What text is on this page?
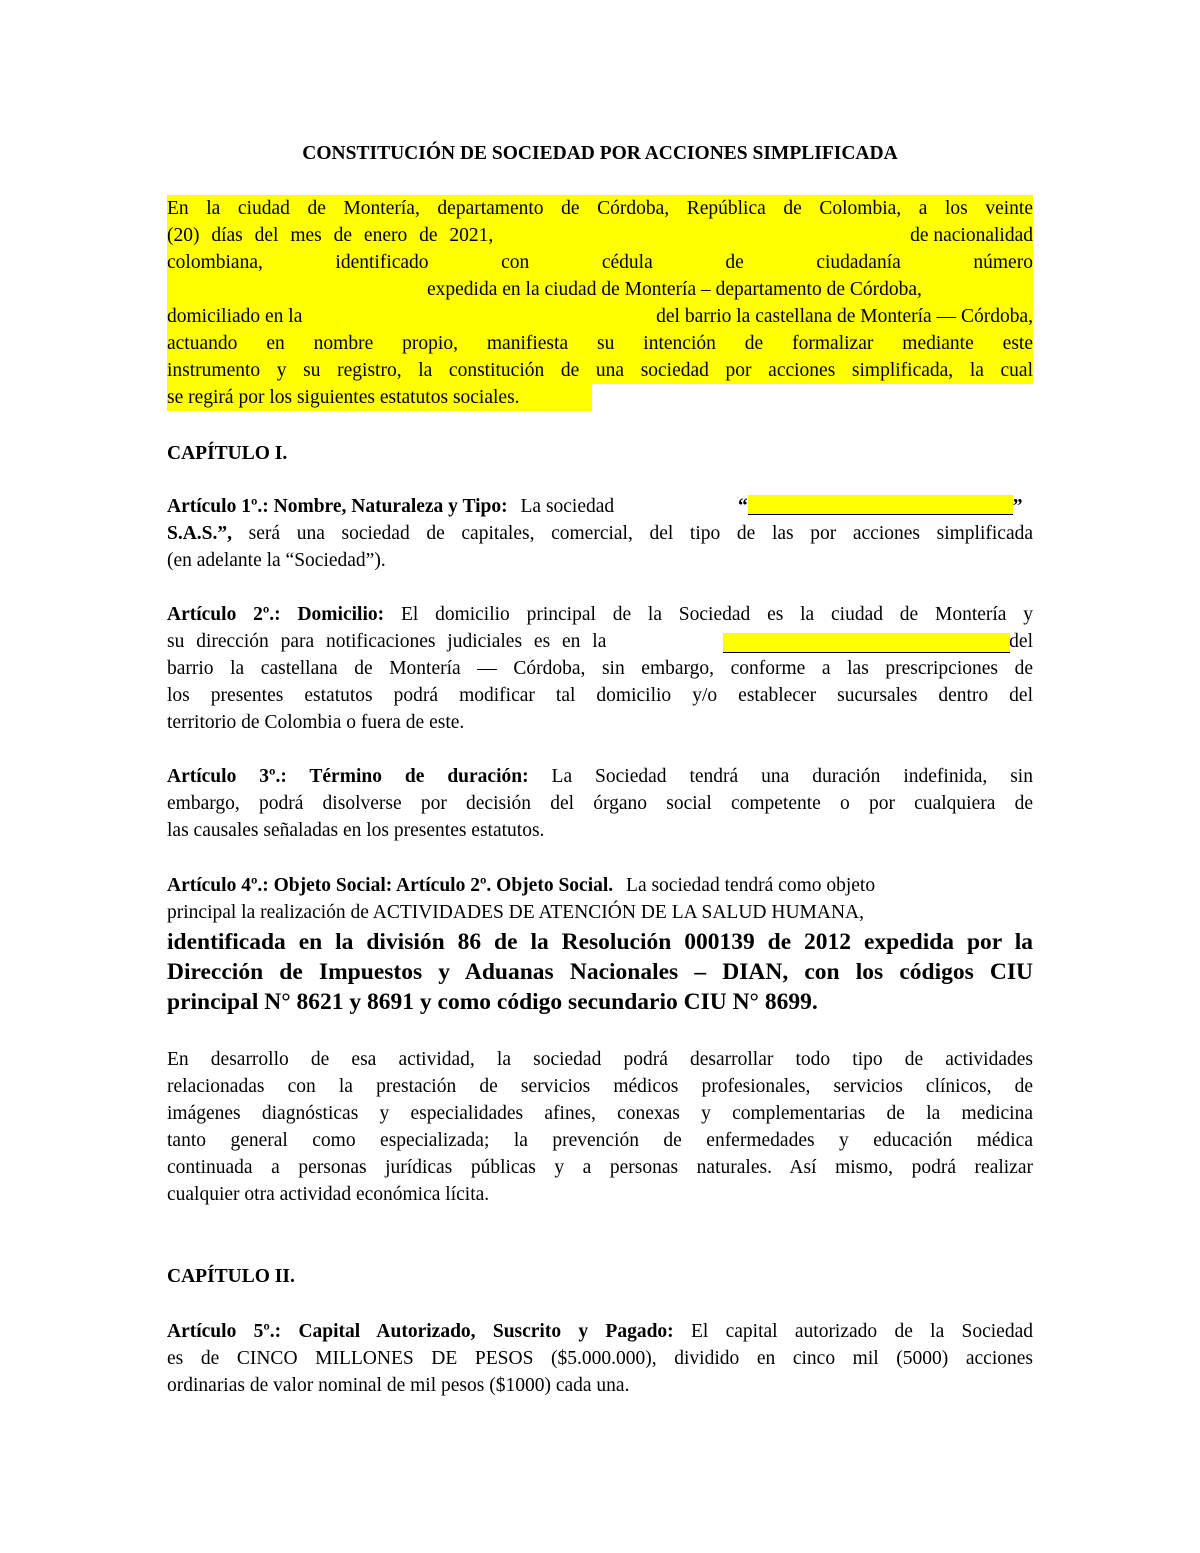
CONSTITUCIÓN DE SOCIEDAD POR ACCIONES SIMPLIFICADA
En la ciudad de Montería, departamento de Córdoba, República de Colombia, a los veinte
(20) días del mes de enero de 2021,	de nacionalidad
colombiana,	identificado	con	cédula	de	ciudadanía	número
expedida en la ciudad de Montería – departamento de Córdoba,
domiciliado en la	del barrio la castellana de Montería — Córdoba,
actuando en nombre propio, manifiesta su intención de formalizar mediante este
instrumento y su registro, la constitución de una sociedad por acciones simplificada, la cual
se regirá por los siguientes estatutos sociales.
CAPÍTULO I.
Artículo 1º.: Nombre, Naturaleza y Tipo: La sociedad	“	”
S.A.S.”, será una sociedad de capitales, comercial, del tipo de las por acciones simplificada
(en adelante la “Sociedad”).
Artículo 2º.: Domicilio: El domicilio principal de la Sociedad es la ciudad de Montería y
su dirección para notificaciones judiciales es en la	del
barrio la castellana de Montería — Córdoba, sin embargo, conforme a las prescripciones de
los presentes estatutos podrá modificar tal domicilio y/o establecer sucursales dentro del
territorio de Colombia o fuera de este.
Artículo 3º.: Término de duración: La Sociedad tendrá una duración indefinida, sin
embargo, podrá disolverse por decisión del órgano social competente o por cualquiera de
las causales señaladas en los presentes estatutos.
Artículo 4º.: Objeto Social: Artículo 2º. Objeto Social. La sociedad tendrá como objeto
principal la realización de ACTIVIDADES DE ATENCIÓN DE LA SALUD HUMANA,
identificada en la división 86 de la Resolución 000139 de 2012 expedida por la
Dirección de Impuestos y Aduanas Nacionales – DIAN, con los códigos CIU
principal N° 8621 y 8691 y como código secundario CIU N° 8699.
En desarrollo de esa actividad, la sociedad podrá desarrollar todo tipo de actividades
relacionadas con la prestación de servicios médicos profesionales, servicios clínicos, de
imágenes diagnósticas y especialidades afines, conexas y complementarias de la medicina
tanto general como especializada; la prevención de enfermedades y educación médica
continuada a personas jurídicas públicas y a personas naturales. Así mismo, podrá realizar
cualquier otra actividad económica lícita.
CAPÍTULO II.
Artículo 5º.: Capital Autorizado, Suscrito y Pagado: El capital autorizado de la Sociedad
es de CINCO MILLONES DE PESOS ($5.000.000), dividido en cinco mil (5000) acciones
ordinarias de valor nominal de mil pesos ($1000) cada una.
